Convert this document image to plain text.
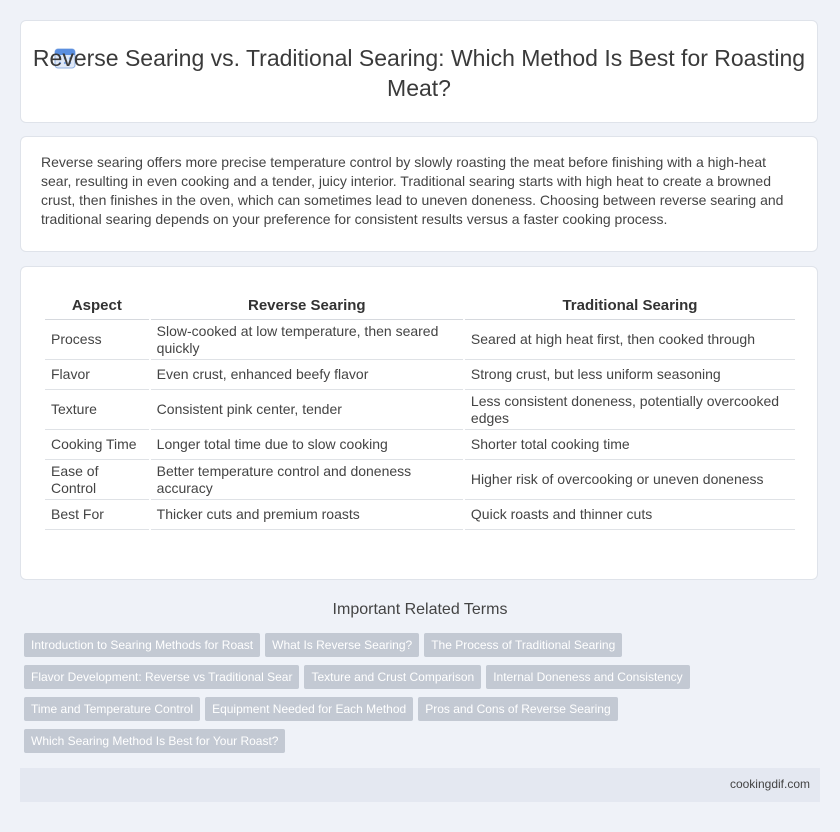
Reverse Searing vs. Traditional Searing: Which Method Is Best for Roasting Meat?

Reverse searing offers more precise temperature control by slowly roasting the meat before finishing with a high-heat sear, resulting in even cooking and a tender, juicy interior. Traditional searing starts with high heat to create a browned crust, then finishes in the oven, which can sometimes lead to uneven doneness. Choosing between reverse searing and traditional searing depends on your preference for consistent results versus a faster cooking process.

Aspect	Reverse Searing	Traditional Searing
Process	Slow-cooked at low temperature, then seared quickly	Seared at high heat first, then cooked through
Flavor	Even crust, enhanced beefy flavor	Strong crust, but less uniform seasoning
Texture	Consistent pink center, tender	Less consistent doneness, potentially overcooked edges
Cooking Time	Longer total time due to slow cooking	Shorter total cooking time
Ease of Control	Better temperature control and doneness accuracy	Higher risk of overcooking or uneven doneness
Best For	Thicker cuts and premium roasts	Quick roasts and thinner cuts
Important Related Terms
Introduction to Searing Methods for Roast What Is Reverse Searing? The Process of Traditional Searing
Flavor Development: Reverse vs Traditional Sear Texture and Crust Comparison Internal Doneness and Consistency
Time and Temperature Control Equipment Needed for Each Method Pros and Cons of Reverse Searing
Which Searing Method Is Best for Your Roast?
cookingdif.com
